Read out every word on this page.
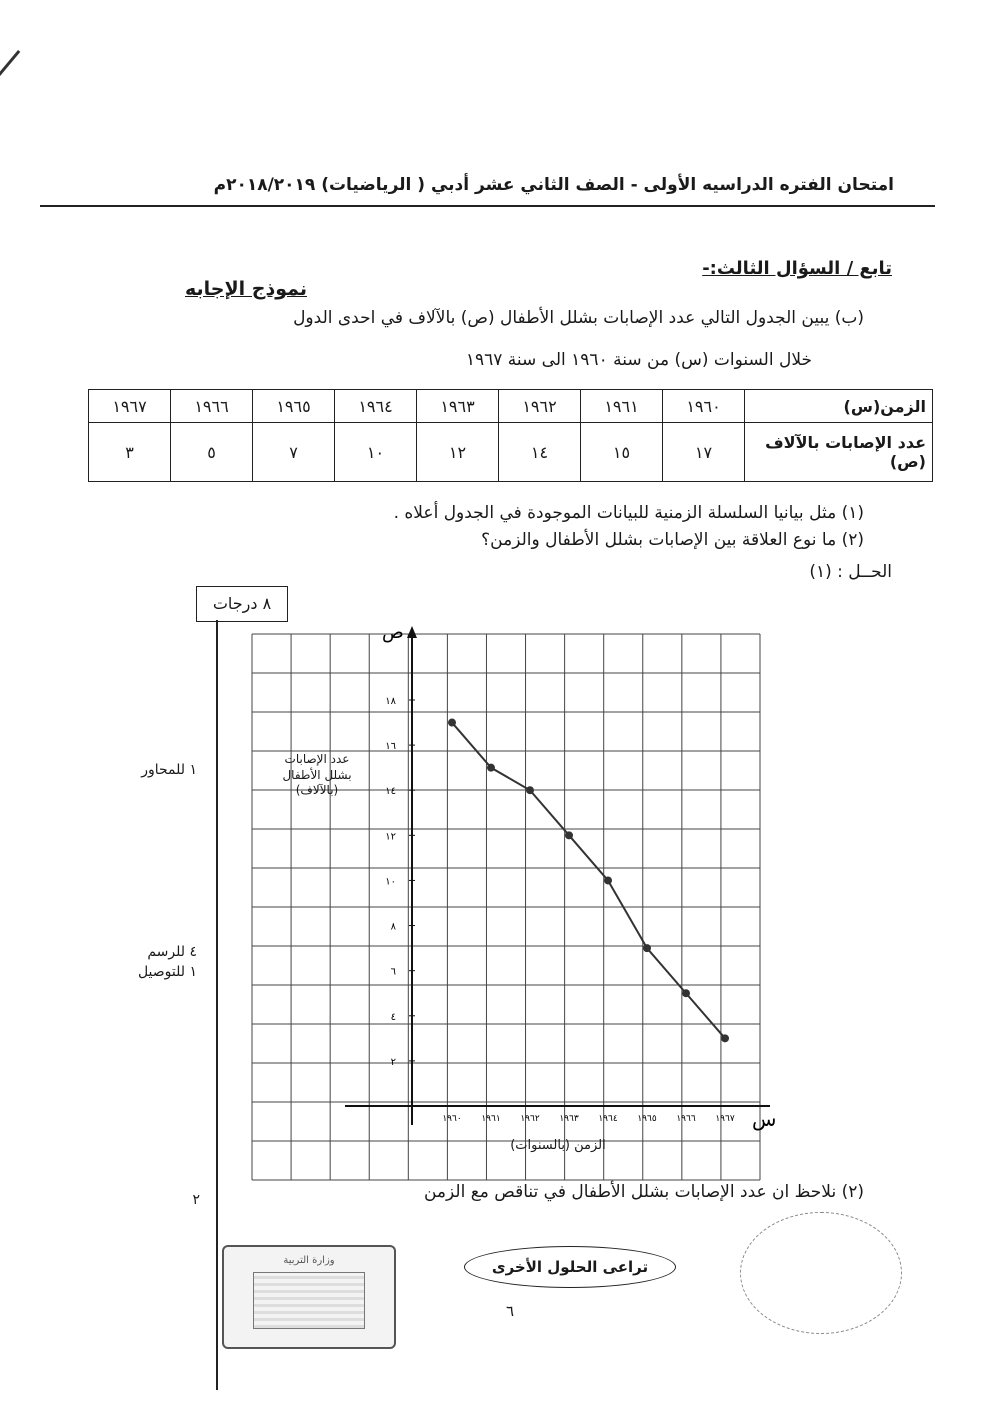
امتحان الفتره الدراسيه الأولى - الصف الثاني عشر أدبي ( الرياضيات) ٢٠١٨/٢٠١٩م
تابع / السؤال الثالث:-
نموذج الإجابه
(ب) يبين الجدول التالي عدد الإصابات بشلل الأطفال (ص) بالآلاف في احدى الدول
خلال السنوات (س) من سنة ١٩٦٠ الى سنة ١٩٦٧
الزمن(س)	١٩٦٠	١٩٦١	١٩٦٢	١٩٦٣	١٩٦٤	١٩٦٥	١٩٦٦	١٩٦٧
عدد الإصابات بالآلاف (ص)	١٧	١٥	١٤	١٢	١٠	٧	٥	٣
(١) مثل بيانيا السلسلة الزمنية للبيانات الموجودة في الجدول أعلاه .
(٢) ما نوع العلاقة بين الإصابات بشلل الأطفال والزمن؟
الحــل : (١)
٨ درجات
١ للمحاور
٤ للرسم
١ للتوصيل
٢
ص
س
٢
٤
٦
٨
١٠
١٢
١٤
١٦
١٨
١٩٦٠ ١٩٦١ ١٩٦٢ ١٩٦٣ ١٩٦٤ ١٩٦٥ ١٩٦٦ ١٩٦٧
عدد الإصابات بشلل الأطفال (بالآلاف)
الزمن (بالسنوات)
(٢) نلاحظ ان عدد الإصابات بشلل الأطفال في تناقص مع الزمن
وزارة التربية	تراعى الحلول الأخرى
٦
